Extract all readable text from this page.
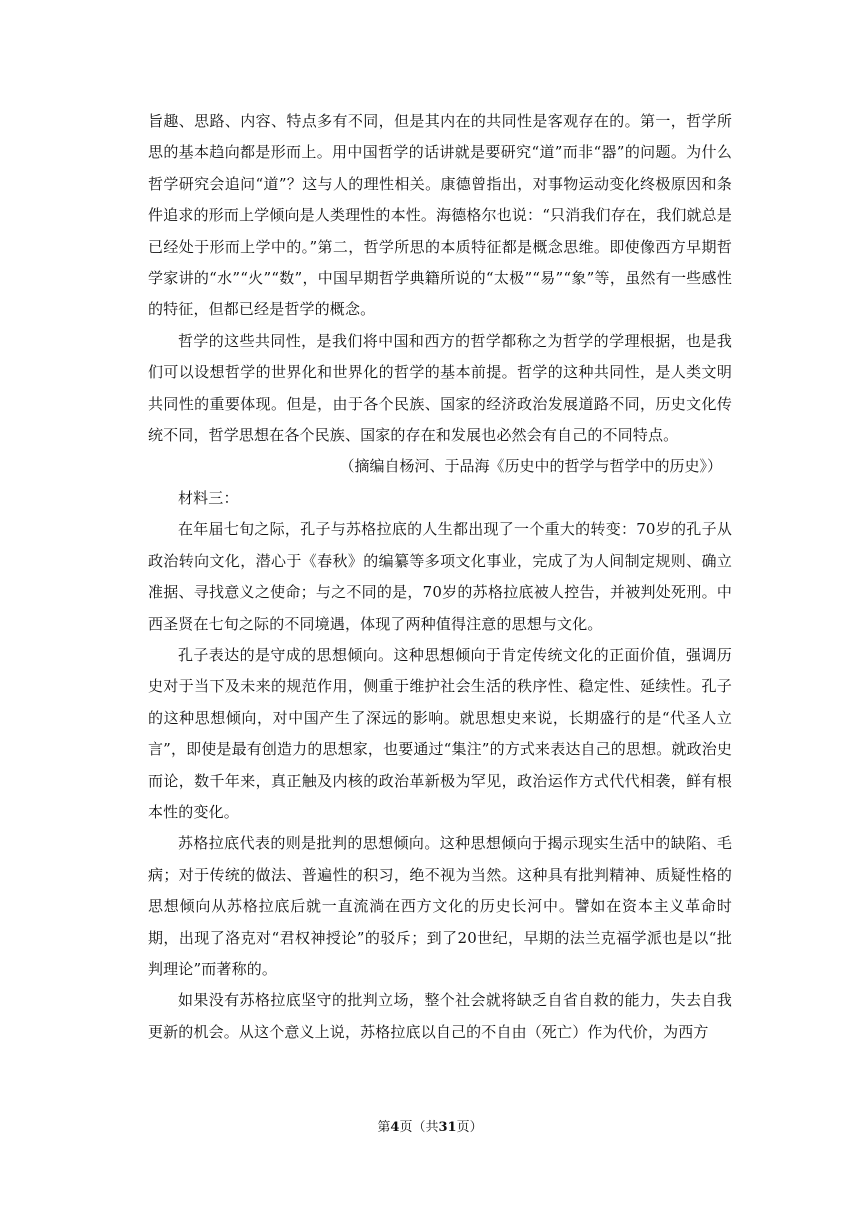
旨趣、思路、内容、特点多有不同，但是其内在的共同性是客观存在的。第一，哲学所思的基本趋向都是形而上。用中国哲学的话讲就是要研究“道”而非“器”的问题。为什么哲学研究会追问“道”？这与人的理性相关。康德曾指出，对事物运动变化终极原因和条件追求的形而上学倾向是人类理性的本性。海德格尔也说：“只消我们存在，我们就总是已经处于形而上学中的。”第二，哲学所思的本质特征都是概念思维。即使像西方早期哲学家讲的“水”“火”“数”，中国早期哲学典籍所说的“太极”“易”“象”等，虽然有一些感性的特征，但都已经是哲学的概念。

哲学的这些共同性，是我们将中国和西方的哲学都称之为哲学的学理根据，也是我们可以设想哲学的世界化和世界化的哲学的基本前提。哲学的这种共同性，是人类文明共同性的重要体现。但是，由于各个民族、国家的经济政治发展道路不同，历史文化传统不同，哲学思想在各个民族、国家的存在和发展也必然会有自己的不同特点。

（摘编自杨河、于品海《历史中的哲学与哲学中的历史》）

材料三：

在年届七旬之际，孔子与苏格拉底的人生都出现了一个重大的转变：70岁的孔子从政治转向文化，潜心于《春秋》的编纂等多项文化事业，完成了为人间制定规则、确立准据、寻找意义之使命；与之不同的是，70岁的苏格拉底被人控告，并被判处死刑。中西圣贤在七旬之际的不同境遇，体现了两种值得注意的思想与文化。

孔子表达的是守成的思想倾向。这种思想倾向于肯定传统文化的正面价值，强调历史对于当下及未来的规范作用，侧重于维护社会生活的秩序性、稳定性、延续性。孔子的这种思想倾向，对中国产生了深远的影响。就思想史来说，长期盛行的是“代圣人立言”，即使是最有创造力的思想家，也要通过“集注”的方式来表达自己的思想。就政治史而论，数千年来，真正触及内核的政治革新极为罕见，政治运作方式代代相袭，鲜有根本性的变化。

苏格拉底代表的则是批判的思想倾向。这种思想倾向于揭示现实生活中的缺陷、毛病；对于传统的做法、普遍性的积习，绝不视为当然。这种具有批判精神、质疑性格的思想倾向从苏格拉底后就一直流淌在西方文化的历史长河中。譬如在资本主义革命时期，出现了洛克对“君权神授论”的驳斥；到了20世纪，早期的法兰克福学派也是以“批判理论”而著称的。

如果没有苏格拉底坚守的批判立场，整个社会就将缺乏自省自救的能力，失去自我更新的机会。从这个意义上说，苏格拉底以自己的不自由（死亡）作为代价，为西方

第4页（共31页）
